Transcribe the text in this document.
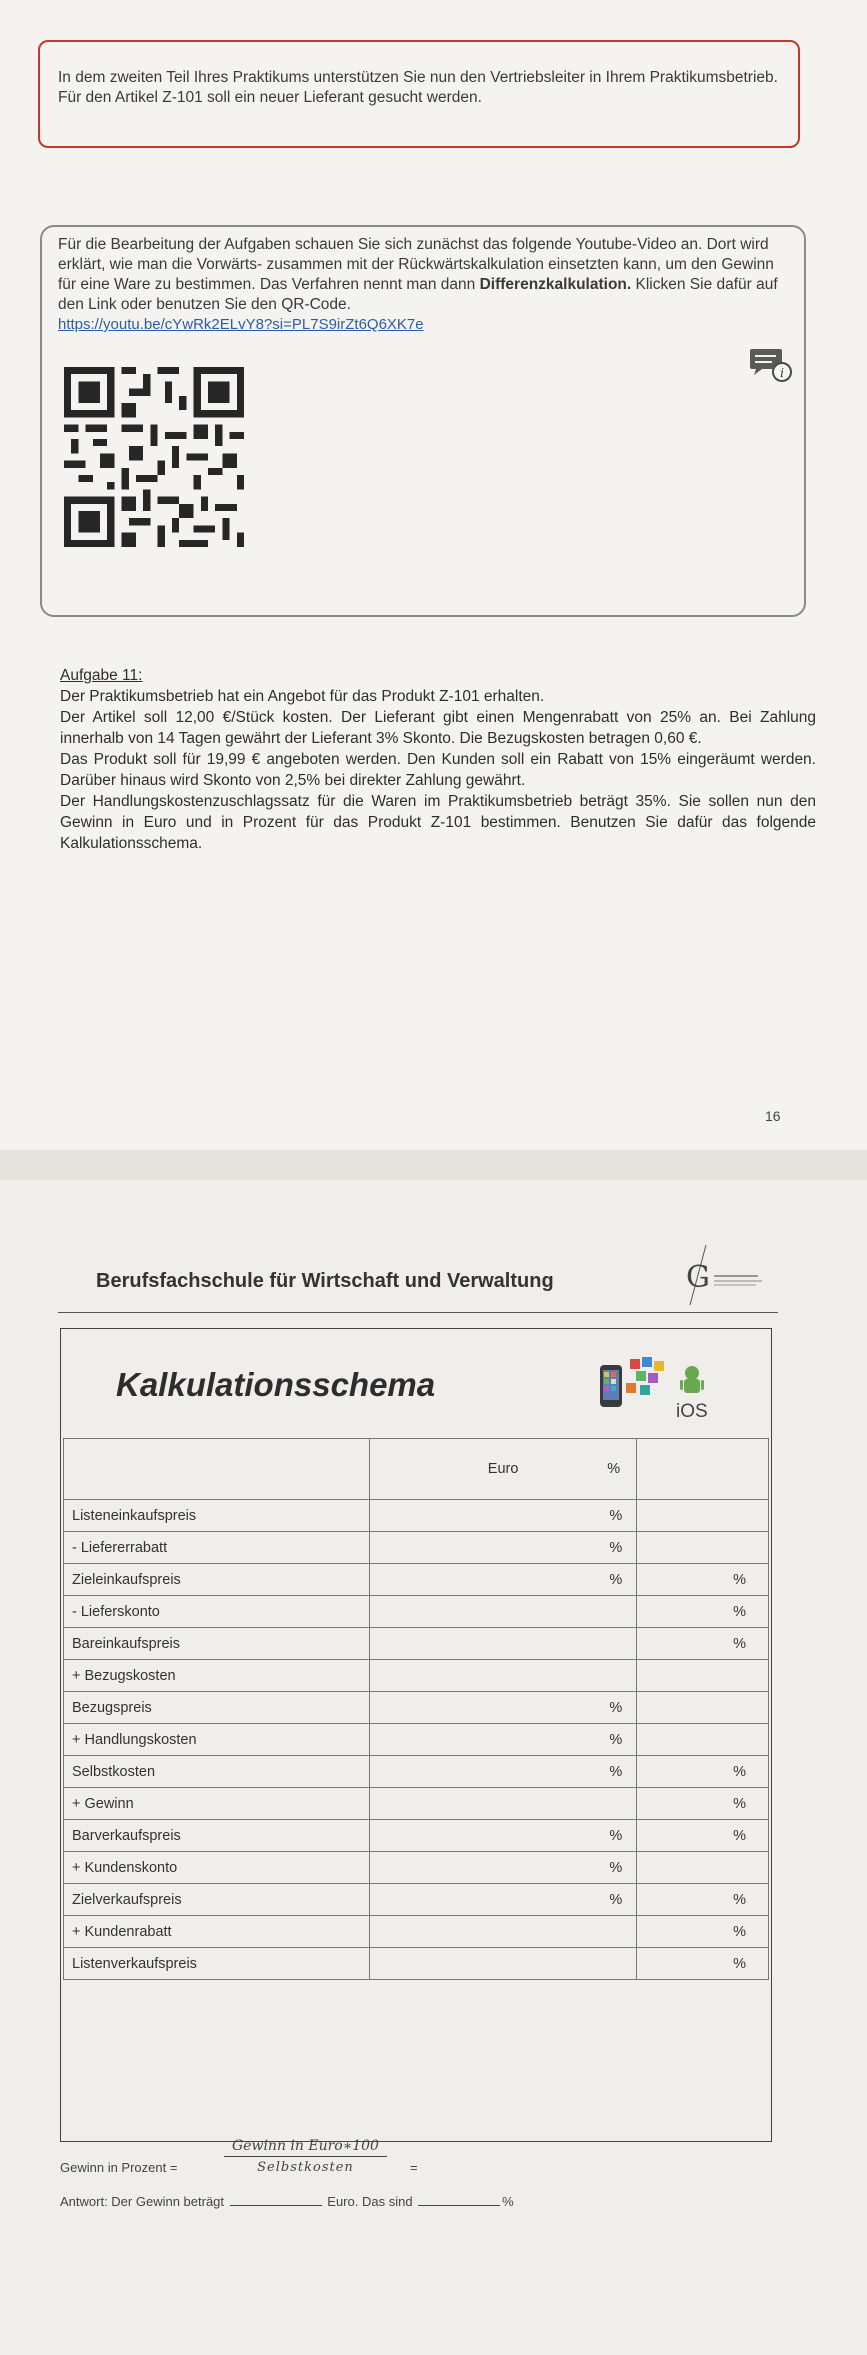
In dem zweiten Teil Ihres Praktikums unterstützen Sie nun den Vertriebsleiter in Ihrem Praktikumsbetrieb. Für den Artikel Z-101 soll ein neuer Lieferant gesucht werden.
Für die Bearbeitung der Aufgaben schauen Sie sich zunächst das folgende Youtube-Video an. Dort wird erklärt, wie man die Vorwärts- zusammen mit der Rückwärtskalkulation einsetzten kann, um den Gewinn für eine Ware zu bestimmen. Das Verfahren nennt man dann Differenzkalkulation. Klicken Sie dafür auf den Link oder benutzen Sie den QR-Code.
https://youtu.be/cYwRk2ELvY8?si=PL7S9irZt6Q6XK7e
i
Aufgabe 11:
Der Praktikumsbetrieb hat ein Angebot für das Produkt Z-101 erhalten.
Der Artikel soll 12,00 €/Stück kosten. Der Lieferant gibt einen Mengenrabatt von 25% an. Bei Zahlung innerhalb von 14 Tagen gewährt der Lieferant 3% Skonto. Die Bezugskosten betragen 0,60 €.
Das Produkt soll für 19,99 € angeboten werden. Den Kunden soll ein Rabatt von 15% eingeräumt werden. Darüber hinaus wird Skonto von 2,5% bei direkter Zahlung gewährt.
Der Handlungskostenzuschlagssatz für die Waren im Praktikumsbetrieb beträgt 35%. Sie sollen nun den Gewinn in Euro und in Prozent für das Produkt Z-101 bestimmen. Benutzen Sie dafür das folgende Kalkulationsschema.
16
Berufsfachschule für Wirtschaft und Verwaltung	G
Kalkulationsschema
iOS
	Euro	%
Listeneinkaufspreis	%	
- Liefererrabatt	%	
Zieleinkaufspreis	%	%
- Lieferskonto		%
Bareinkaufspreis		%
+ Bezugskosten		
Bezugspreis	%	
+ Handlungskosten	%	
Selbstkosten	%	%
+ Gewinn		%
Barverkaufspreis	%	%
+ Kundenskonto	%	
Zielverkaufspreis	%	%
+ Kundenrabatt		%
Listenverkaufspreis		%
Gewinn in Prozent =
Gewinn in Euro∗100
Selbstkosten	=
Antwort: Der Gewinn beträgt	Euro. Das sind	%
